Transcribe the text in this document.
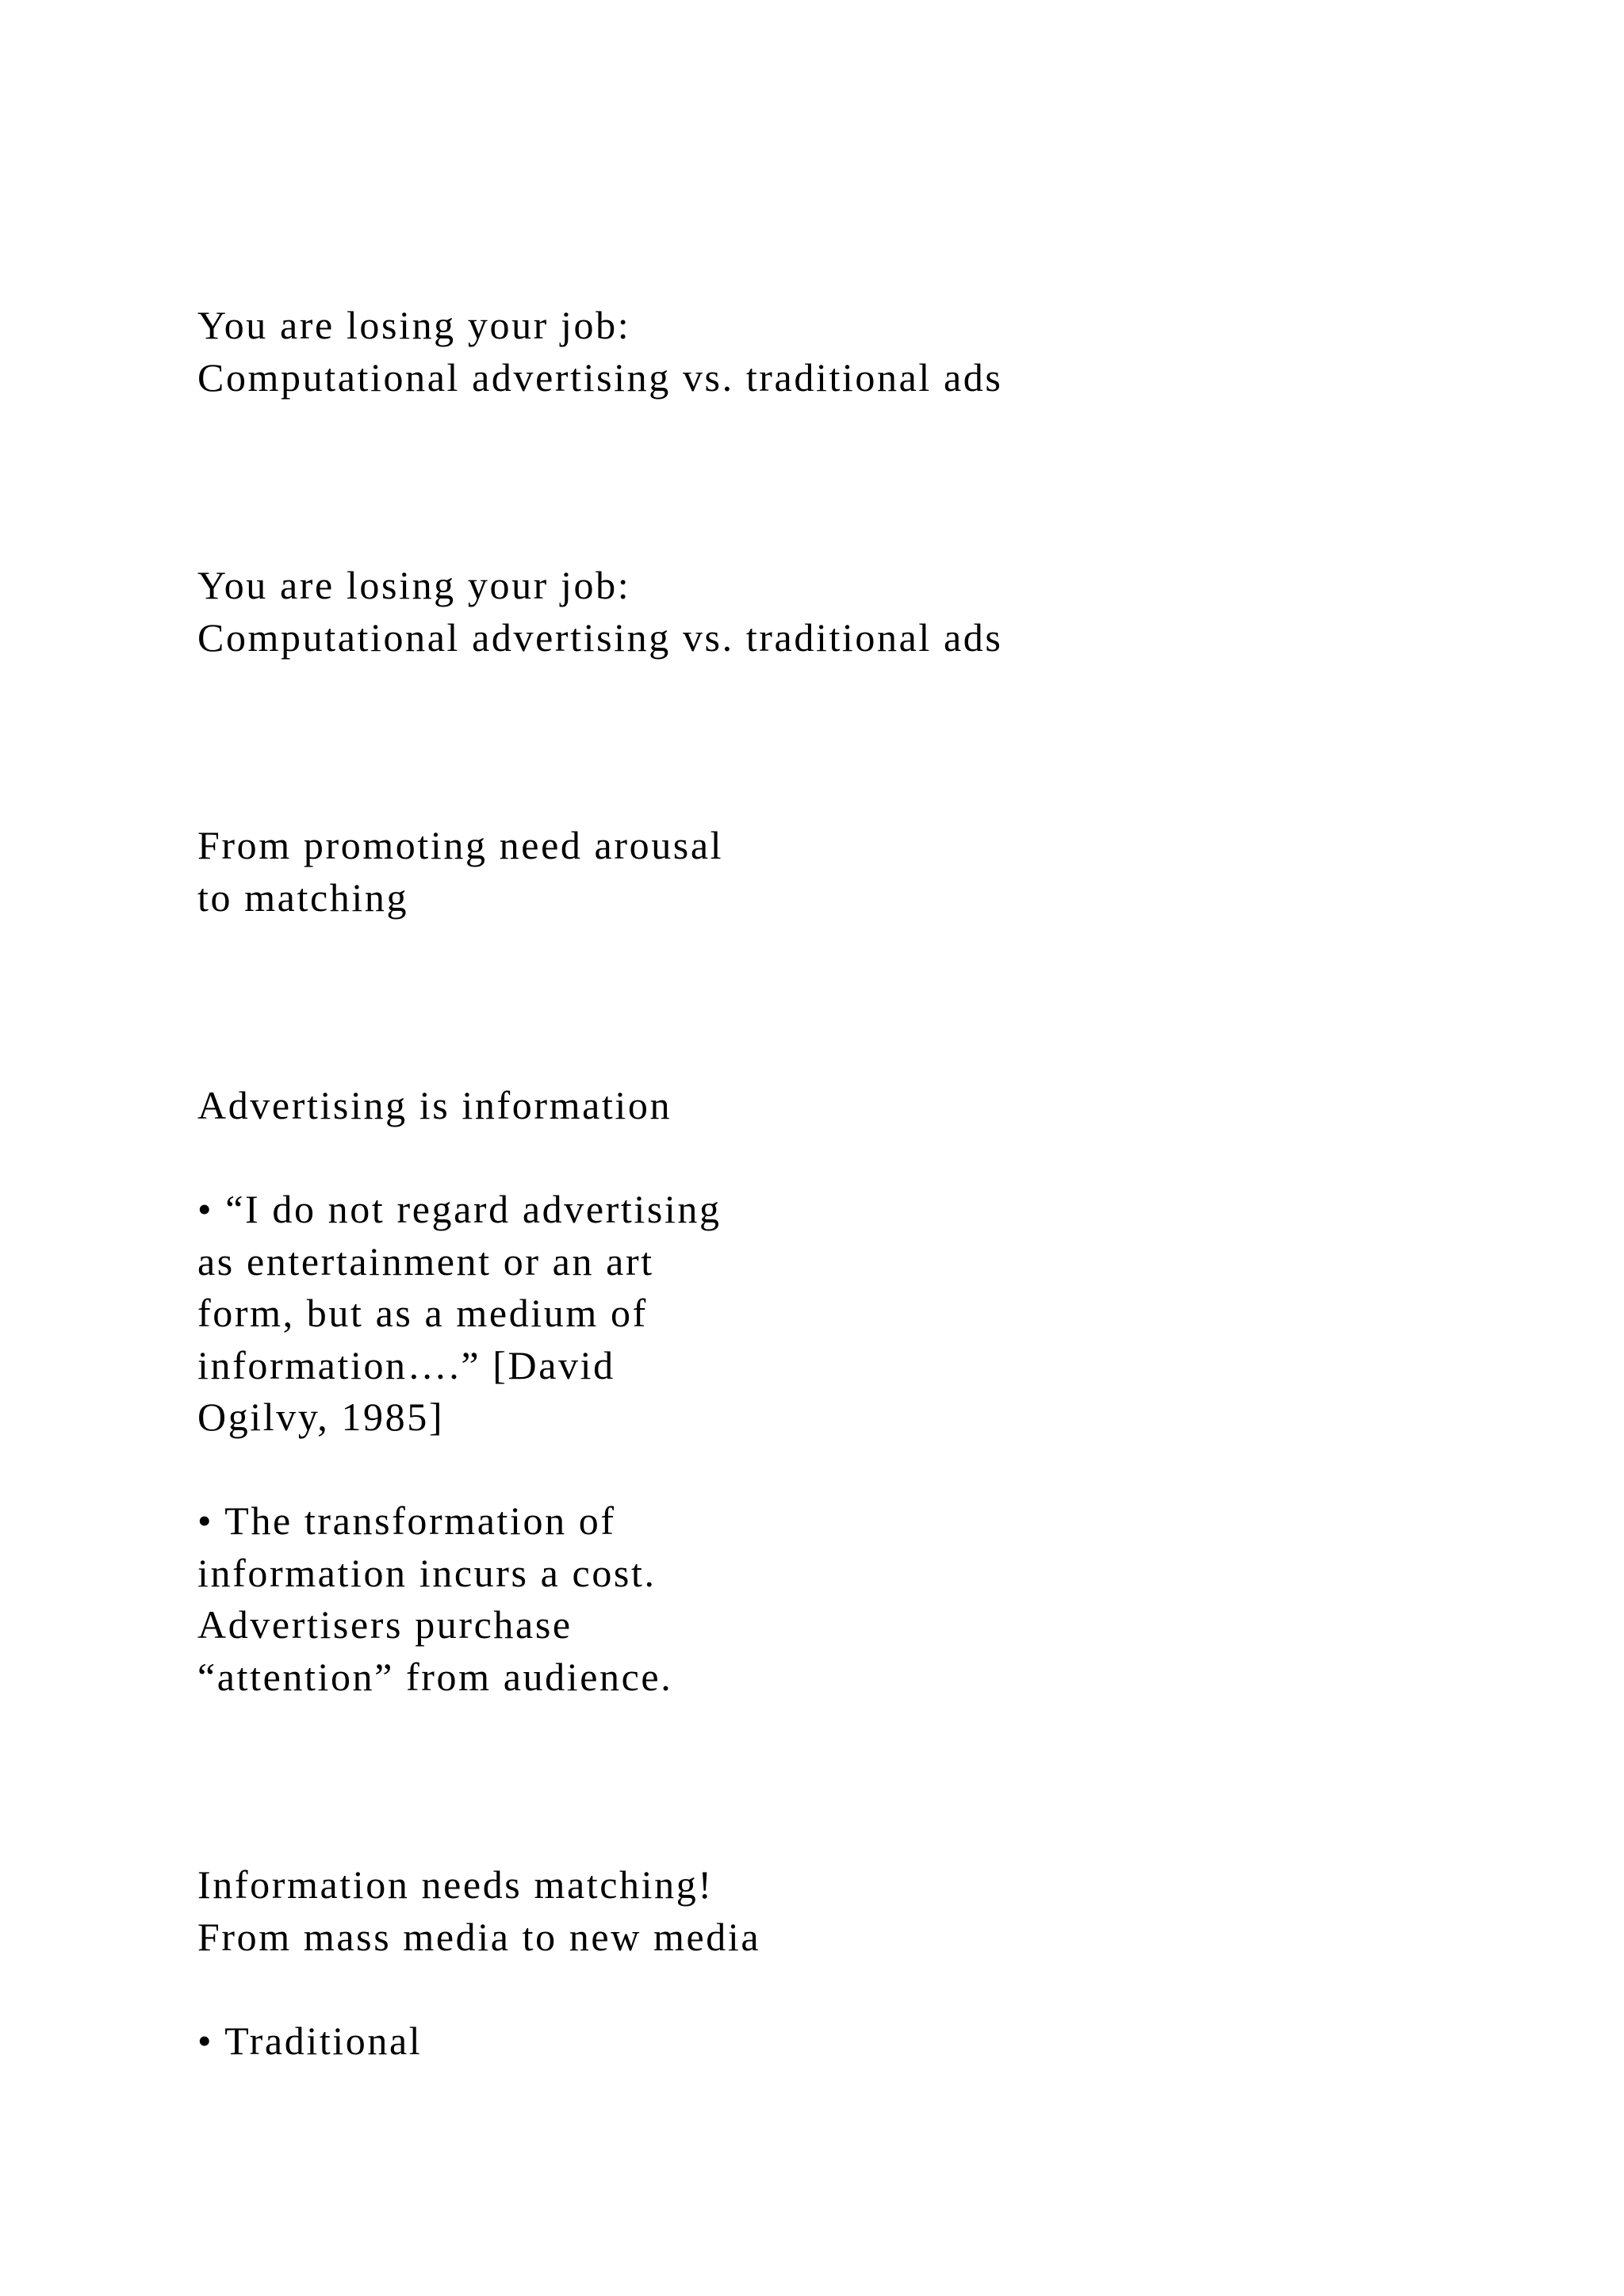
You are losing your job:
Computational advertising vs. traditional ads

You are losing your job:
Computational advertising vs. traditional ads

From promoting need arousal
to matching

Advertising is information

• “I do not regard advertising
as entertainment or an art
form, but as a medium of
information….” [David
Ogilvy, 1985]

• The transformation of
information incurs a cost.
Advertisers purchase
“attention” from audience.

Information needs matching!
From mass media to new media

• Traditional
